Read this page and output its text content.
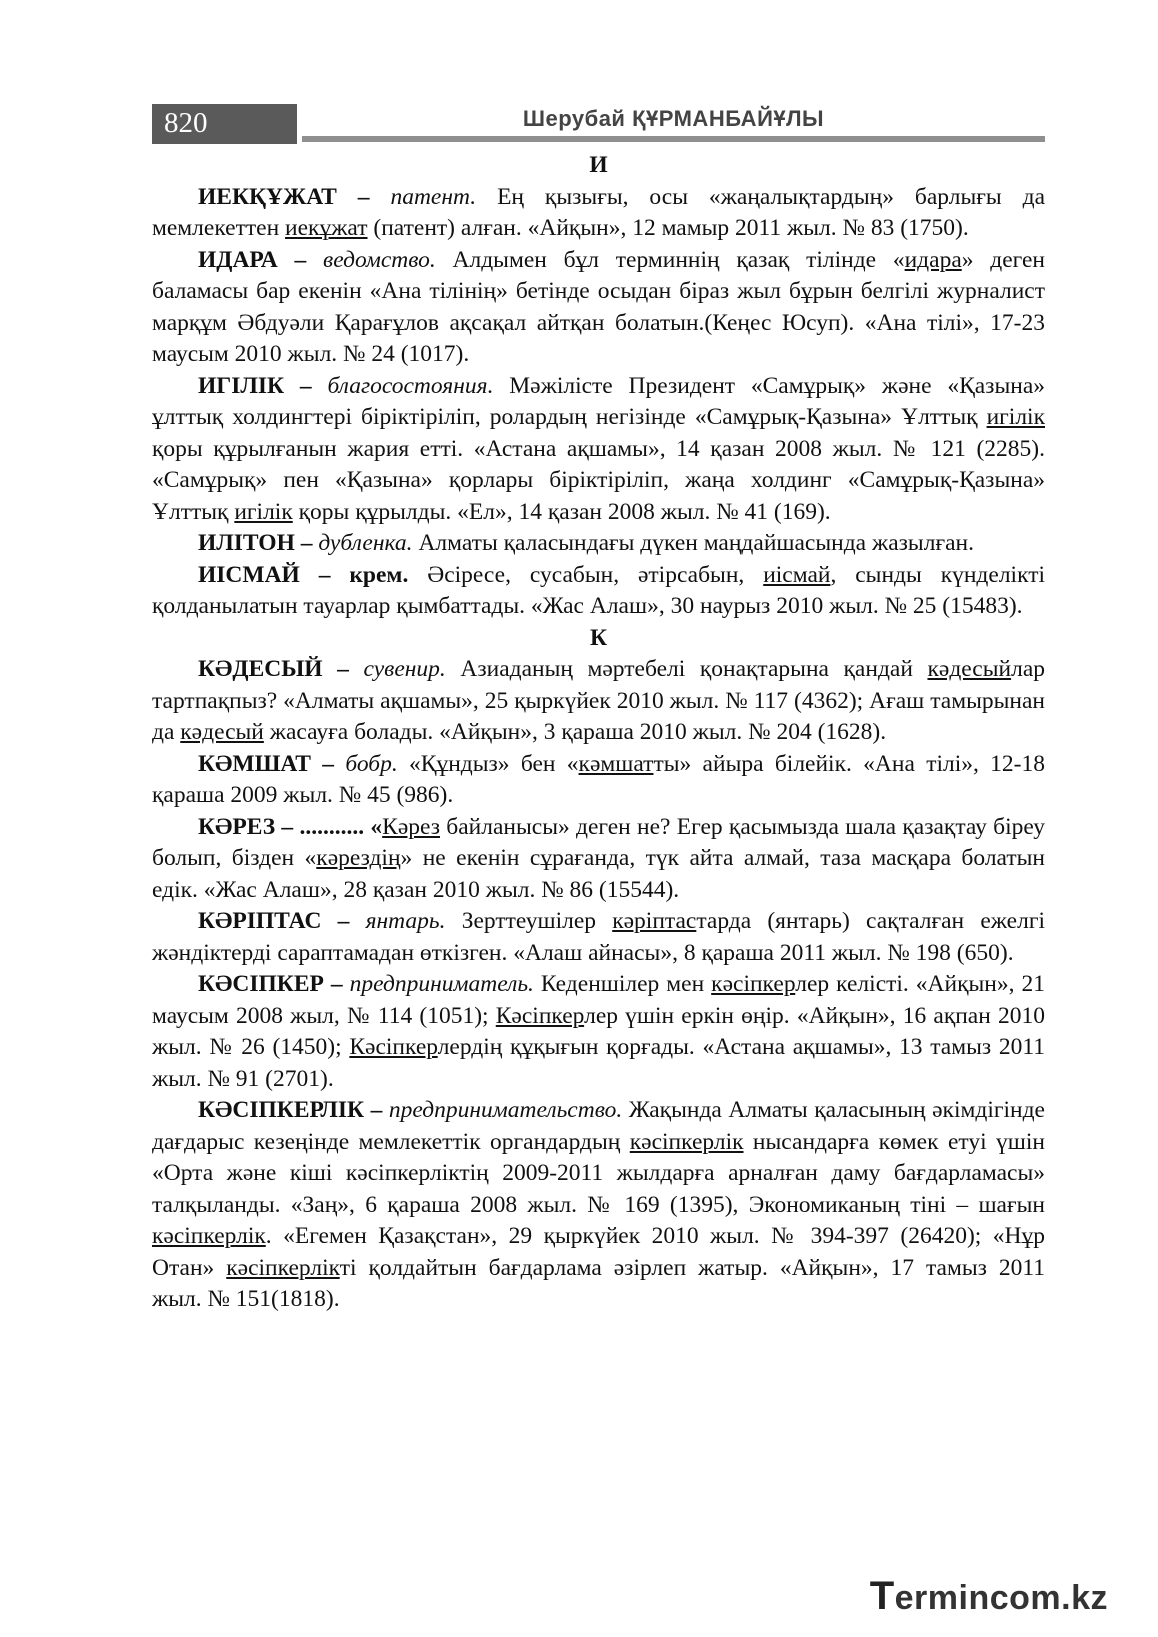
820	Шерубай ҚҰРМАНБАЙҰЛЫ
И

ИЕКҚҰЖАТ – патент. Ең қызығы, осы «жаңалықтардың» барлығы да мемлекеттен иекұжат (патент) алған. «Айқын», 12 мамыр 2011 жыл. № 83 (1750).

ИДАРА – ведомство. Алдымен бұл терминнің қазақ тілінде «идара» деген баламасы бар екенін «Ана тілінің» бетінде осыдан біраз жыл бұрын белгілі журналист марқұм Әбдуәли Қарағұлов ақсақал айтқан болатын.(Кеңес Юсуп). «Ана тілі», 17-23 маусым 2010 жыл. № 24 (1017).

ИГІЛІК – благосостояния. Мәжілісте Президент «Самұрық» және «Қазына» ұлттық холдингтері біріктіріліп, ролардың негізінде «Самұрық-Қазына» Ұлттық игілік қоры құрылғанын жария етті. «Астана ақшамы», 14 қазан 2008 жыл. № 121 (2285). «Самұрық» пен «Қазына» қорлары біріктіріліп, жаңа холдинг «Самұрық-Қазына» Ұлттық игілік қоры құрылды. «Ел», 14 қазан 2008 жыл. № 41 (169).

ИЛІТОН – дубленка. Алматы қаласындағы дүкен маңдайшасында жазылған.

ИІСМАЙ – крем. Әсіресе, сусабын, әтірсабын, иісмай, сынды күнделікті қолданылатын тауарлар қымбаттады. «Жас Алаш», 30 наурыз 2010 жыл. № 25 (15483).

К

КӘДЕСЫЙ – сувенир. Азиаданың мәртебелі қонақтарына қандай кәдесыйлар тартпақпыз? «Алматы ақшамы», 25 қыркүйек 2010 жыл. № 117 (4362); Ағаш тамырынан да кәдесый жасауға болады. «Айқын», 3 қараша 2010 жыл. № 204 (1628).

КӘМШАТ – бобр. «Құндыз» бен «кәмшатты» айыра білейік. «Ана тілі», 12-18 қараша 2009 жыл. № 45 (986).

КӘРЕЗ – ........... «Кәрез байланысы» деген не? Егер қасымызда шала қазақтау біреу болып, бізден «кәрездің» не екенін сұрағанда, түк айта алмай, таза масқара болатын едік. «Жас Алаш», 28 қазан 2010 жыл. № 86 (15544).

КӘРІПТАС – янтарь. Зерттеушілер кәріптастарда (янтарь) сақталған ежелгі жәндіктерді сараптамадан өткізген. «Алаш айнасы», 8 қараша 2011 жыл. № 198 (650).

КӘСІПКЕР – предприниматель. Кеденшілер мен кәсіпкерлер келісті. «Айқын», 21 маусым 2008 жыл, № 114 (1051); Кәсіпкерлер үшін еркін өңір. «Айқын», 16 ақпан 2010 жыл. № 26 (1450); Кәсіпкерлердің құқығын қорғады. «Астана ақшамы», 13 тамыз 2011 жыл. № 91 (2701).

КӘСІПКЕРЛІК – предпринимательство. Жақында Алматы қаласының әкімдігінде дағдарыс кезеңінде мемлекеттік органдардың кәсіпкерлік нысандарға көмек етуі үшін «Орта және кіші кәсіпкерліктің 2009-2011 жылдарға арналған даму бағдарламасы» талқыланды. «Заң», 6 қараша 2008 жыл. № 169 (1395), Экономиканың тіні – шағын кәсіпкерлік. «Егемен Қазақстан», 29 қыркүйек 2010 жыл. № 394-397 (26420); «Нұр Отан» кәсіпкерлікті қолдайтын бағдарлама әзірлеп жатыр. «Айқын», 17 тамыз 2011 жыл. № 151(1818).

Termincom.kz
